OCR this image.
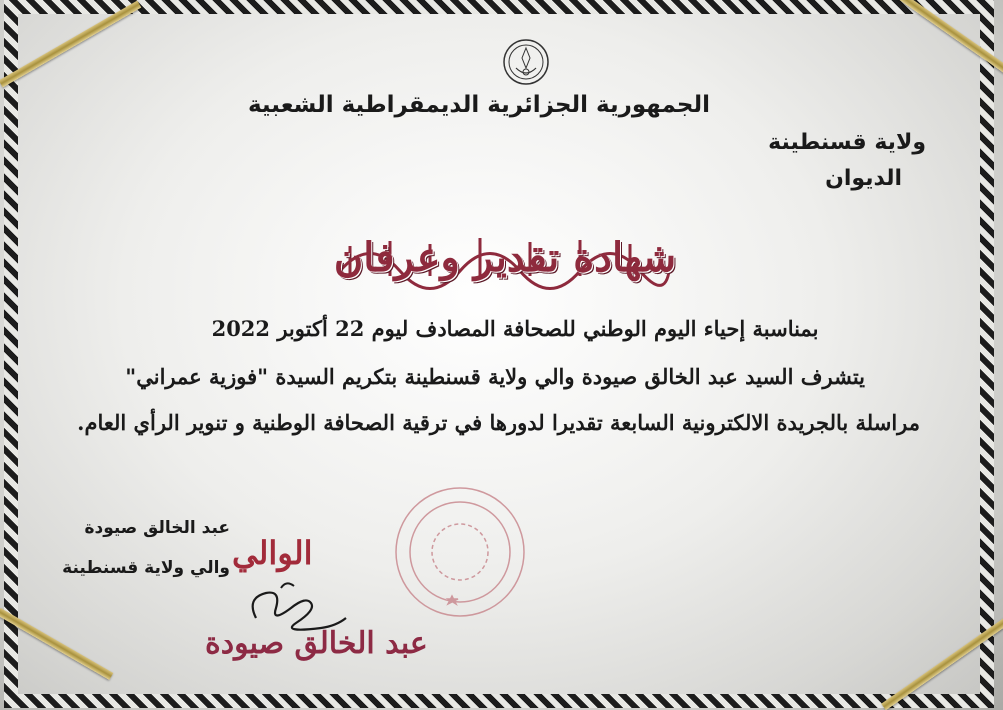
الجمهورية الجزائرية الديمقراطية الشعبية
ولاية قسنطينة
الديوان
شهادة تقدير وعرفان
بمناسبة إحياء اليوم الوطني للصحافة المصادف ليوم 22 أكتوبر 2022
يتشرف السيد عبد الخالق صيودة والي ولاية قسنطينة بتكريم السيدة "فوزية عمراني"
مراسلة بالجريدة الالكترونية السابعة تقديرا لدورها في ترقية الصحافة الوطنية و تنوير الرأي العام.
الوالي
عبد الخالق صيودة
عبد الخالق صيودة
والي ولاية قسنطينة
